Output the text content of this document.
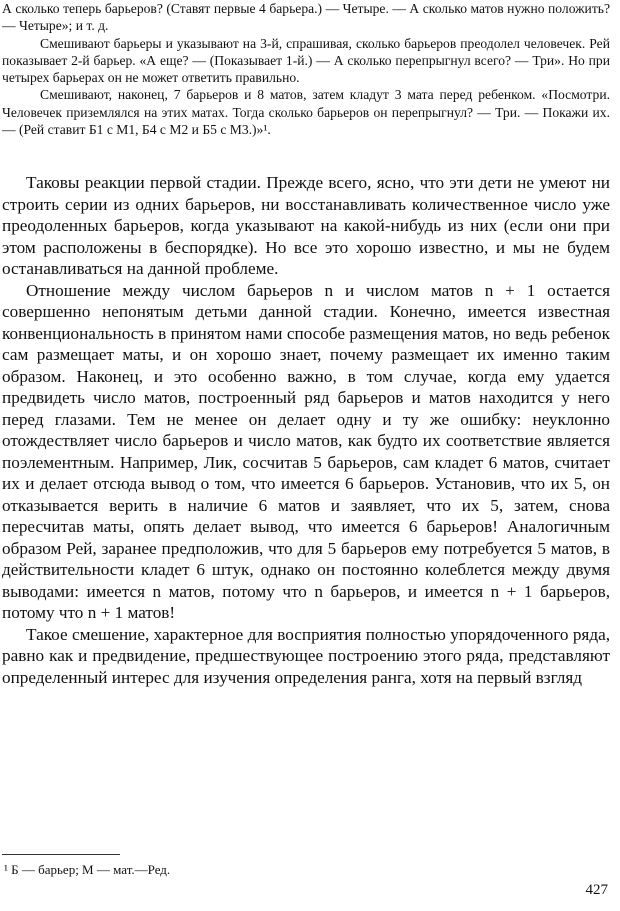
А сколько теперь барьеров? (Ставят первые 4 барьера.) — Четыре. — А сколько матов нужно положить? — Четыре»; и т. д.

Смешивают барьеры и указывают на 3-й, спрашивая, сколько барьеров преодолел человечек. Рей показывает 2-й барьер. «А еще? — (Показывает 1-й.) — А сколько перепрыгнул всего? — Три». Но при четырех барьерах он не может ответить правильно.

Смешивают, наконец, 7 барьеров и 8 матов, затем кладут 3 мата перед ребенком. «Посмотри. Человечек приземлялся на этих матах. Тогда сколько барьеров он перепрыгнул? — Три. — Покажи их. — (Рей ставит Б1 с М1, Б4 с М2 и Б5 с М3.)»¹.

Таковы реакции первой стадии. Прежде всего, ясно, что эти дети не умеют ни строить серии из одних барьеров, ни восстанавливать количественное число уже преодоленных барьеров, когда указывают на какой-нибудь из них (если они при этом расположены в беспорядке). Но все это хорошо известно, и мы не будем останавливаться на данной проблеме.

Отношение между числом барьеров n и числом матов n + 1 остается совершенно непонятым детьми данной стадии. Конечно, имеется известная конвенциональность в принятом нами способе размещения матов, но ведь ребенок сам размещает маты, и он хорошо знает, почему размещает их именно таким образом. Наконец, и это особенно важно, в том случае, когда ему удается предвидеть число матов, построенный ряд барьеров и матов находится у него перед глазами. Тем не менее он делает одну и ту же ошибку: неуклонно отождествляет число барьеров и число матов, как будто их соответствие является поэлементным. Например, Лик, сосчитав 5 барьеров, сам кладет 6 матов, считает их и делает отсюда вывод о том, что имеется 6 барьеров. Установив, что их 5, он отказывается верить в наличие 6 матов и заявляет, что их 5, затем, снова пересчитав маты, опять делает вывод, что имеется 6 барьеров! Аналогичным образом Рей, заранее предположив, что для 5 барьеров ему потребуется 5 матов, в действительности кладет 6 штук, однако он постоянно колеблется между двумя выводами: имеется n матов, потому что n барьеров, и имеется n + 1 барьеров, потому что n + 1 матов!

Такое смешение, характерное для восприятия полностью упорядоченного ряда, равно как и предвидение, предшествующее построению этого ряда, представляют определенный интерес для изучения определения ранга, хотя на первый взгляд

¹ Б — барьер; М — мат.—Ред.

427
